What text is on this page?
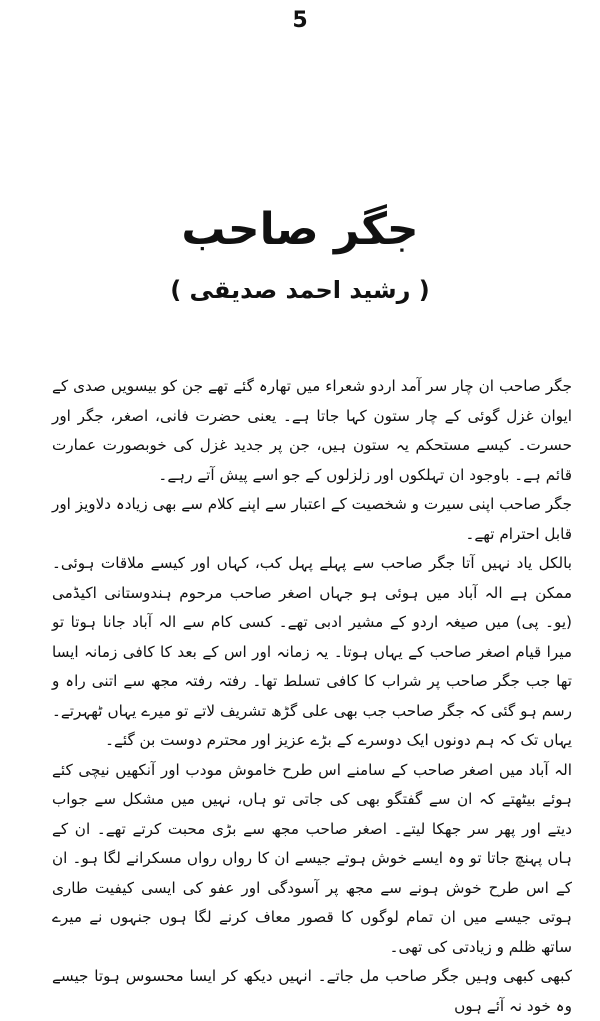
5
جگر صاحب
( رشید احمد صدیقی )

جگر صاحب ان چار سر آمد اردو شعراء میں تھارہ گئے تھے جن کو بیسویں صدی کے ایوان غزل گوئی کے چار ستون کہا جاتا ہے۔ یعنی حضرت فانی، اصغر، جگر اور حسرت۔ کیسے مستحکم یہ ستون ہیں، جن پر جدید غزل کی خوبصورت عمارت قائم ہے۔ باوجود ان تہلکوں اور زلزلوں کے جو اسے پیش آتے رہے۔

جگر صاحب اپنی سیرت و شخصیت کے اعتبار سے اپنے کلام سے بھی زیادہ دلاویز اور قابل احترام تھے۔

بالکل یاد نہیں آتا جگر صاحب سے پہلے پہل کب، کہاں اور کیسے ملاقات ہوئی۔ ممکن ہے الہ آباد میں ہوئی ہو جہاں اصغر صاحب مرحوم ہندوستانی اکیڈمی (یو۔ پی) میں صیغہ اردو کے مشیر ادبی تھے۔ کسی کام سے الہ آباد جانا ہوتا تو میرا قیام اصغر صاحب کے یہاں ہوتا۔ یہ زمانہ اور اس کے بعد کا کافی زمانہ ایسا تھا جب جگر صاحب پر شراب کا کافی تسلط تھا۔ رفتہ رفتہ مجھ سے اتنی راہ و رسم ہو گئی کہ جگر صاحب جب بھی علی گڑھ تشریف لاتے تو میرے یہاں ٹھہرتے۔ یہاں تک کہ ہم دونوں ایک دوسرے کے بڑے عزیز اور محترم دوست بن گئے۔

الہ آباد میں اصغر صاحب کے سامنے اس طرح خاموش مودب اور آنکھیں نیچی کئے ہوئے بیٹھتے کہ ان سے گفتگو بھی کی جاتی تو ہاں، نہیں میں مشکل سے جواب دیتے اور پھر سر جھکا لیتے۔ اصغر صاحب مجھ سے بڑی محبت کرتے تھے۔ ان کے ہاں پہنچ جاتا تو وہ ایسے خوش ہوتے جیسے ان کا رواں رواں مسکرانے لگا ہو۔ ان کے اس طرح خوش ہونے سے مجھ پر آسودگی اور عفو کی ایسی کیفیت طاری ہوتی جیسے میں ان تمام لوگوں کا قصور معاف کرنے لگا ہوں جنہوں نے میرے ساتھ ظلم و زیادتی کی تھی۔

کبھی کبھی وہیں جگر صاحب مل جاتے۔ انہیں دیکھ کر ایسا محسوس ہوتا جیسے وہ خود نہ آئے ہوں
